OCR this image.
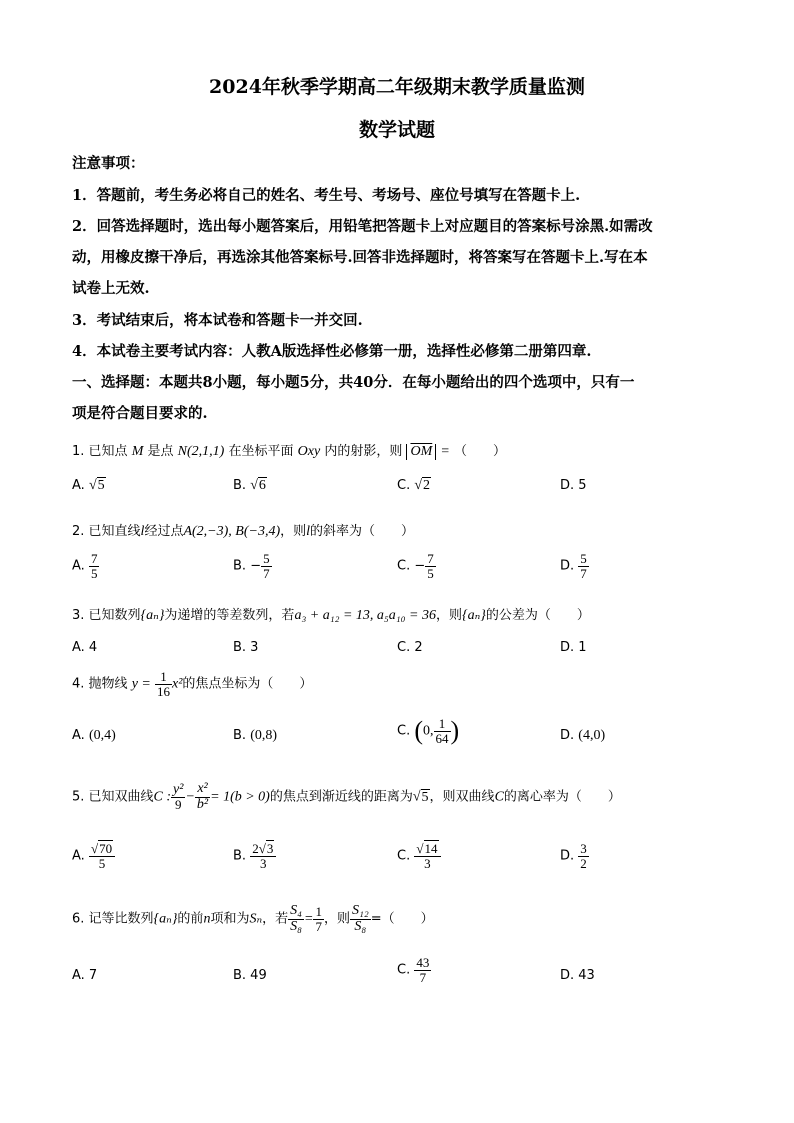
2024年秋季学期高二年级期末教学质量监测
数学试题
注意事项：
1．答题前，考生务必将自己的姓名、考生号、考场号、座位号填写在答题卡上.
2．回答选择题时，选出每小题答案后，用铅笔把答题卡上对应题目的答案标号涂黑.如需改
动，用橡皮擦干净后，再选涂其他答案标号.回答非选择题时，将答案写在答题卡上.写在本
试卷上无效.
3．考试结束后，将本试卷和答题卡一并交回.
4．本试卷主要考试内容：人教A版选择性必修第一册，选择性必修第二册第四章.
一、选择题：本题共8小题，每小题5分，共40分．在每小题给出的四个选项中，只有一
项是符合题目要求的.
1. 已知点 M 是点 N(2,1,1) 在坐标平面 Oxy 内的射影，则 $\overline{OM}$ = （　　）
A. √5	B. √6	C. √2	D. 5
2. 已知直线l经过点A(2,−3), B(−3,4)，则l的斜率为（　　）
A. $\frac{7}{5}$	B. − $\frac{5}{7}$	C. − $\frac{7}{5}$	D. $\frac{5}{7}$
3. 已知数列{aₙ}为递增的等差数列，若a₃ + a₁₂ = 13, a₅a₁₀ = 36，则{aₙ}的公差为（　　）
A. 4	B. 3	C. 2	D. 1
4. 抛物线 $y = \frac{1}{16} x^2$的焦点坐标为（　　）
A. (0,4)	B. (0,8)	C. (0, $\frac{1}{64}$ )	D. (4,0)
5. 已知双曲线C : $\frac{\text{y²}}{9} - \frac{\text{x²}}{\text{b²}} = 1(b > 0)$的焦点到渐近线的距离为√5，则双曲线C的离心率为（　　）
A. $\frac{√70}{5}$	B. $\frac{2√3}{3}$	C. $\frac{√14}{3}$	D. $\frac{3}{2}$
6. 记等比数列{aₙ}的前n项和为Sₙ，若 $\frac{\text{S₄}}{\text{S₈}} = \frac{1}{7}$ ，则 $\frac{\text{S₁₂}}{\text{S₈}}$ =（　　）
A. 7	B. 49	C. $\frac{43}{7}$	D. 43
